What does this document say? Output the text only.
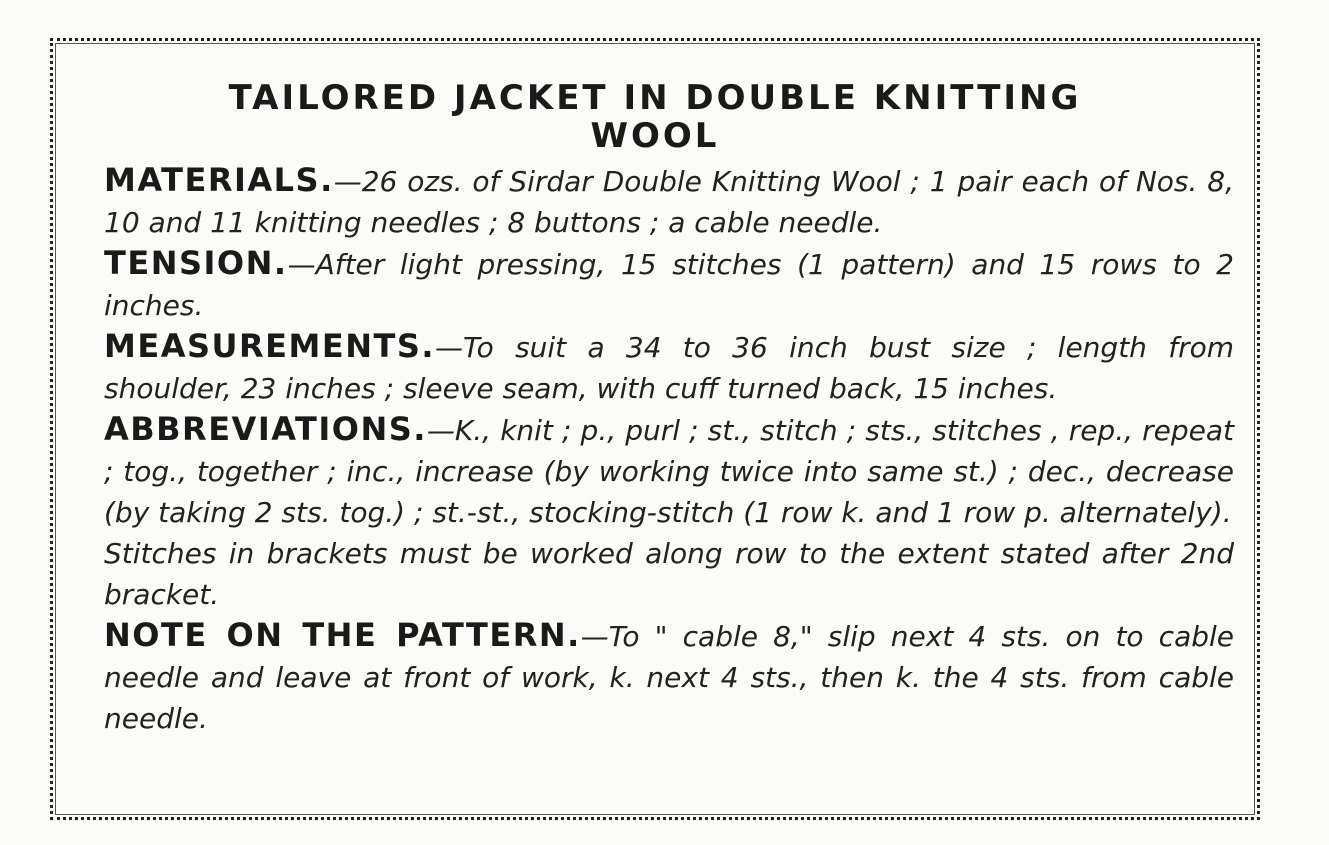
TAILORED JACKET IN DOUBLE KNITTING
WOOL

MATERIALS.—26 ozs. of Sirdar Double Knitting Wool ; 1 pair each of Nos. 8, 10 and 11 knitting needles ; 8 buttons ; a cable needle.

TENSION.—After light pressing, 15 stitches (1 pattern) and 15 rows to 2 inches.

MEASUREMENTS.—To suit a 34 to 36 inch bust size ; length from shoulder, 23 inches ; sleeve seam, with cuff turned back, 15 inches.

ABBREVIATIONS.—K., knit ; p., purl ; st., stitch ; sts., stitches , rep., repeat ; tog., together ; inc., increase (by working twice into same st.) ; dec., decrease (by taking 2 sts. tog.) ; st.-st., stocking-stitch (1 row k. and 1 row p. alternately).

Stitches in brackets must be worked along row to the extent stated after 2nd bracket.

NOTE ON THE PATTERN.—To " cable 8," slip next 4 sts. on to cable needle and leave at front of work, k. next 4 sts., then k. the 4 sts. from cable needle.
